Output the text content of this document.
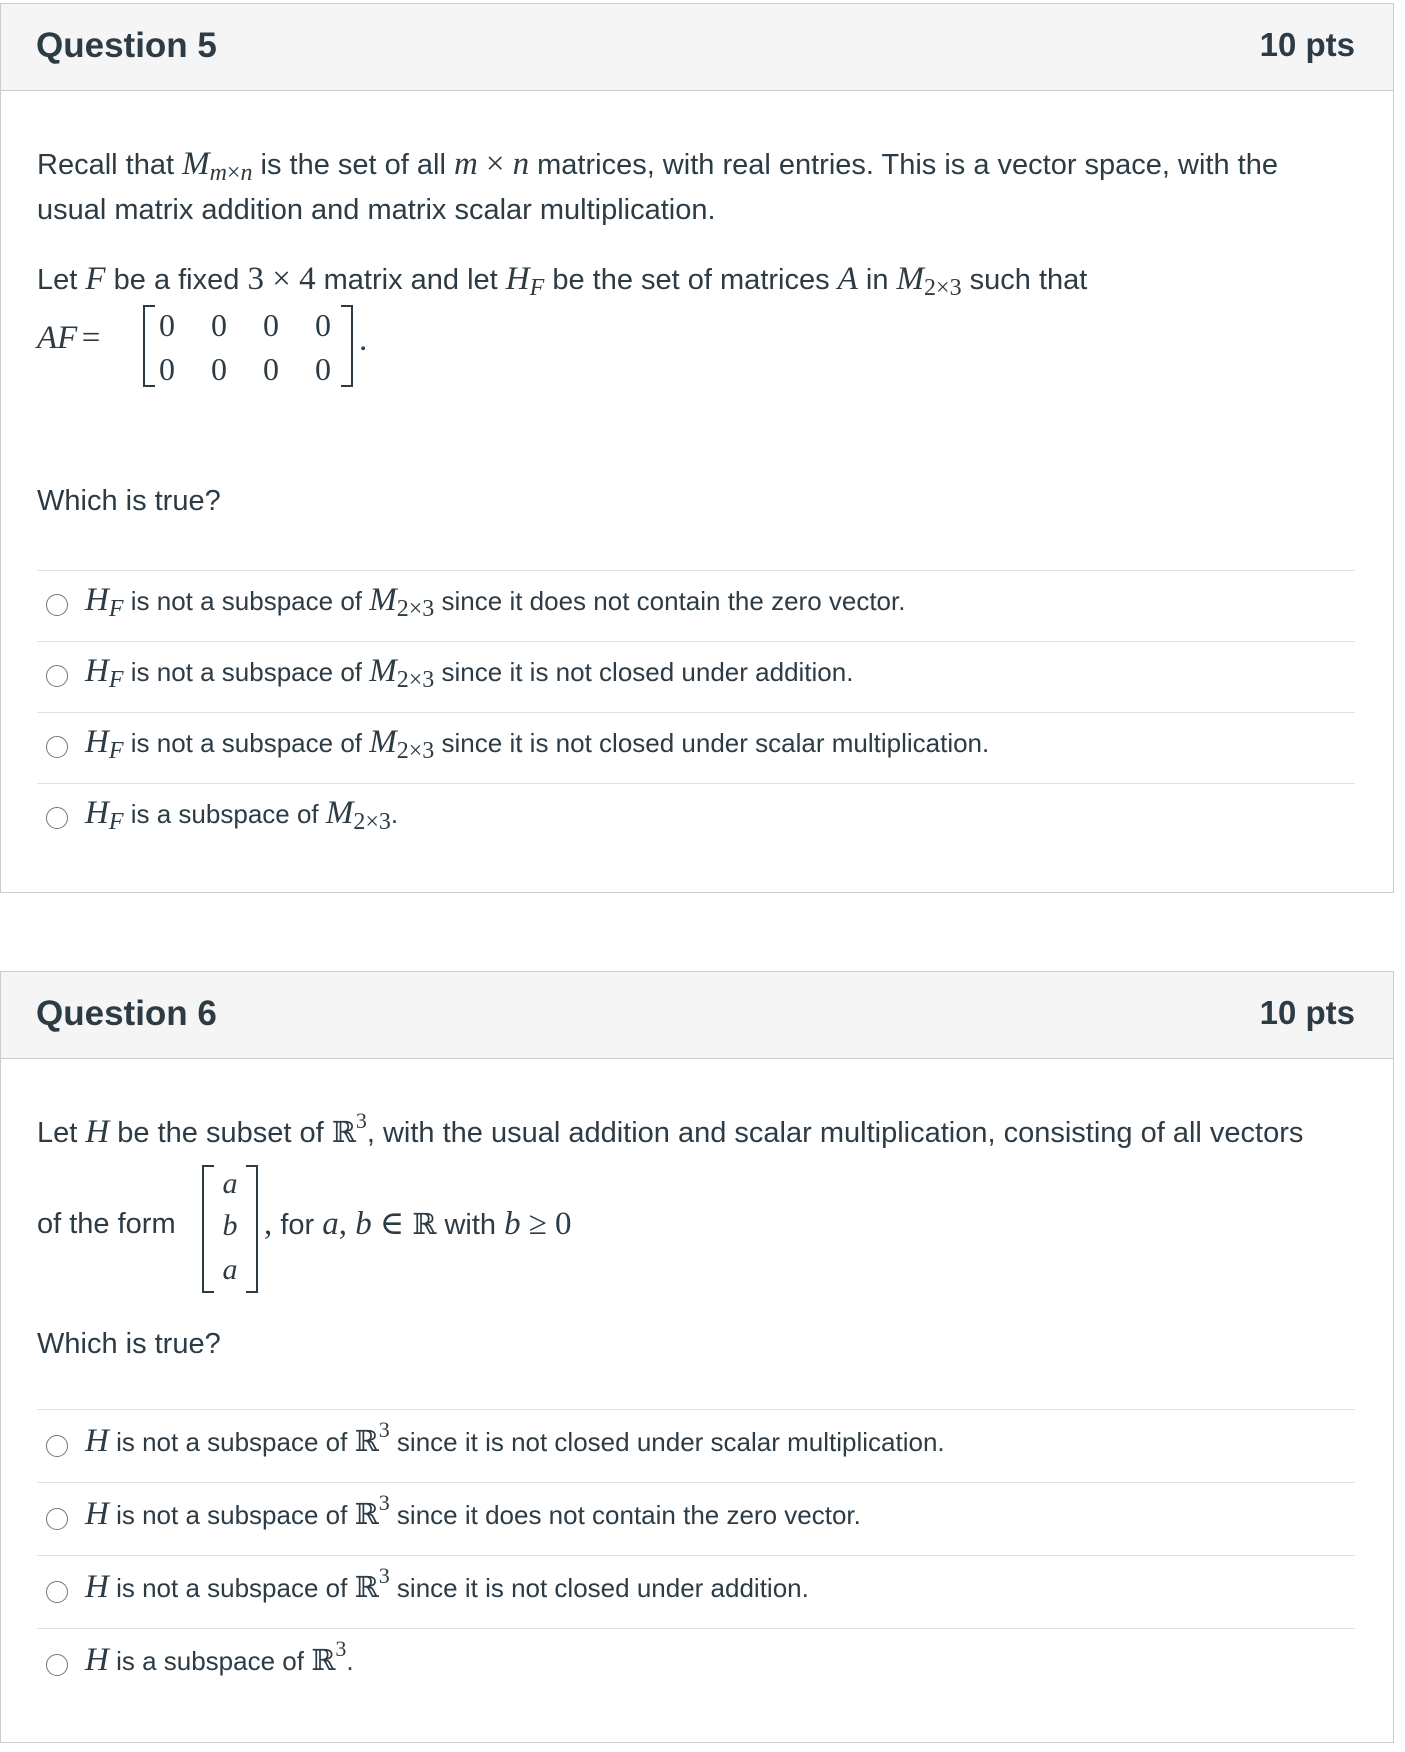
Question 5	10 pts
Recall that $M_{m\times n}$ is the set of all m × n matrices, with real entries. This is a vector space, with the
usual matrix addition and matrix scalar multiplication.
Let F be a fixed 3 × 4 matrix and let $H_F$ be the set of matrices A in $M_{2\times 3}$ such that
AF =	0	0	0	0
0	0	0	0
.
Which is true?
$H_F$ is not a subspace of $M_{2\times 3}$ since it does not contain the zero vector.
$H_F$ is not a subspace of $M_{2\times 3}$ since it is not closed under addition.
$H_F$ is not a subspace of $M_{2\times 3}$ since it is not closed under scalar multiplication.
$H_F$ is a subspace of $M_{2\times 3}$.
Question 6	10 pts
Let H be the subset of ℝ$^3$, with the usual addition and scalar multiplication, consisting of all vectors
of the form
a
b
a
, for a, b ∈ ℝ with b ≥ 0
Which is true?
H is not a subspace of ℝ$^3$ since it is not closed under scalar multiplication.
H is not a subspace of ℝ$^3$ since it does not contain the zero vector.
H is not a subspace of ℝ$^3$ since it is not closed under addition.
H is a subspace of ℝ$^3$.
